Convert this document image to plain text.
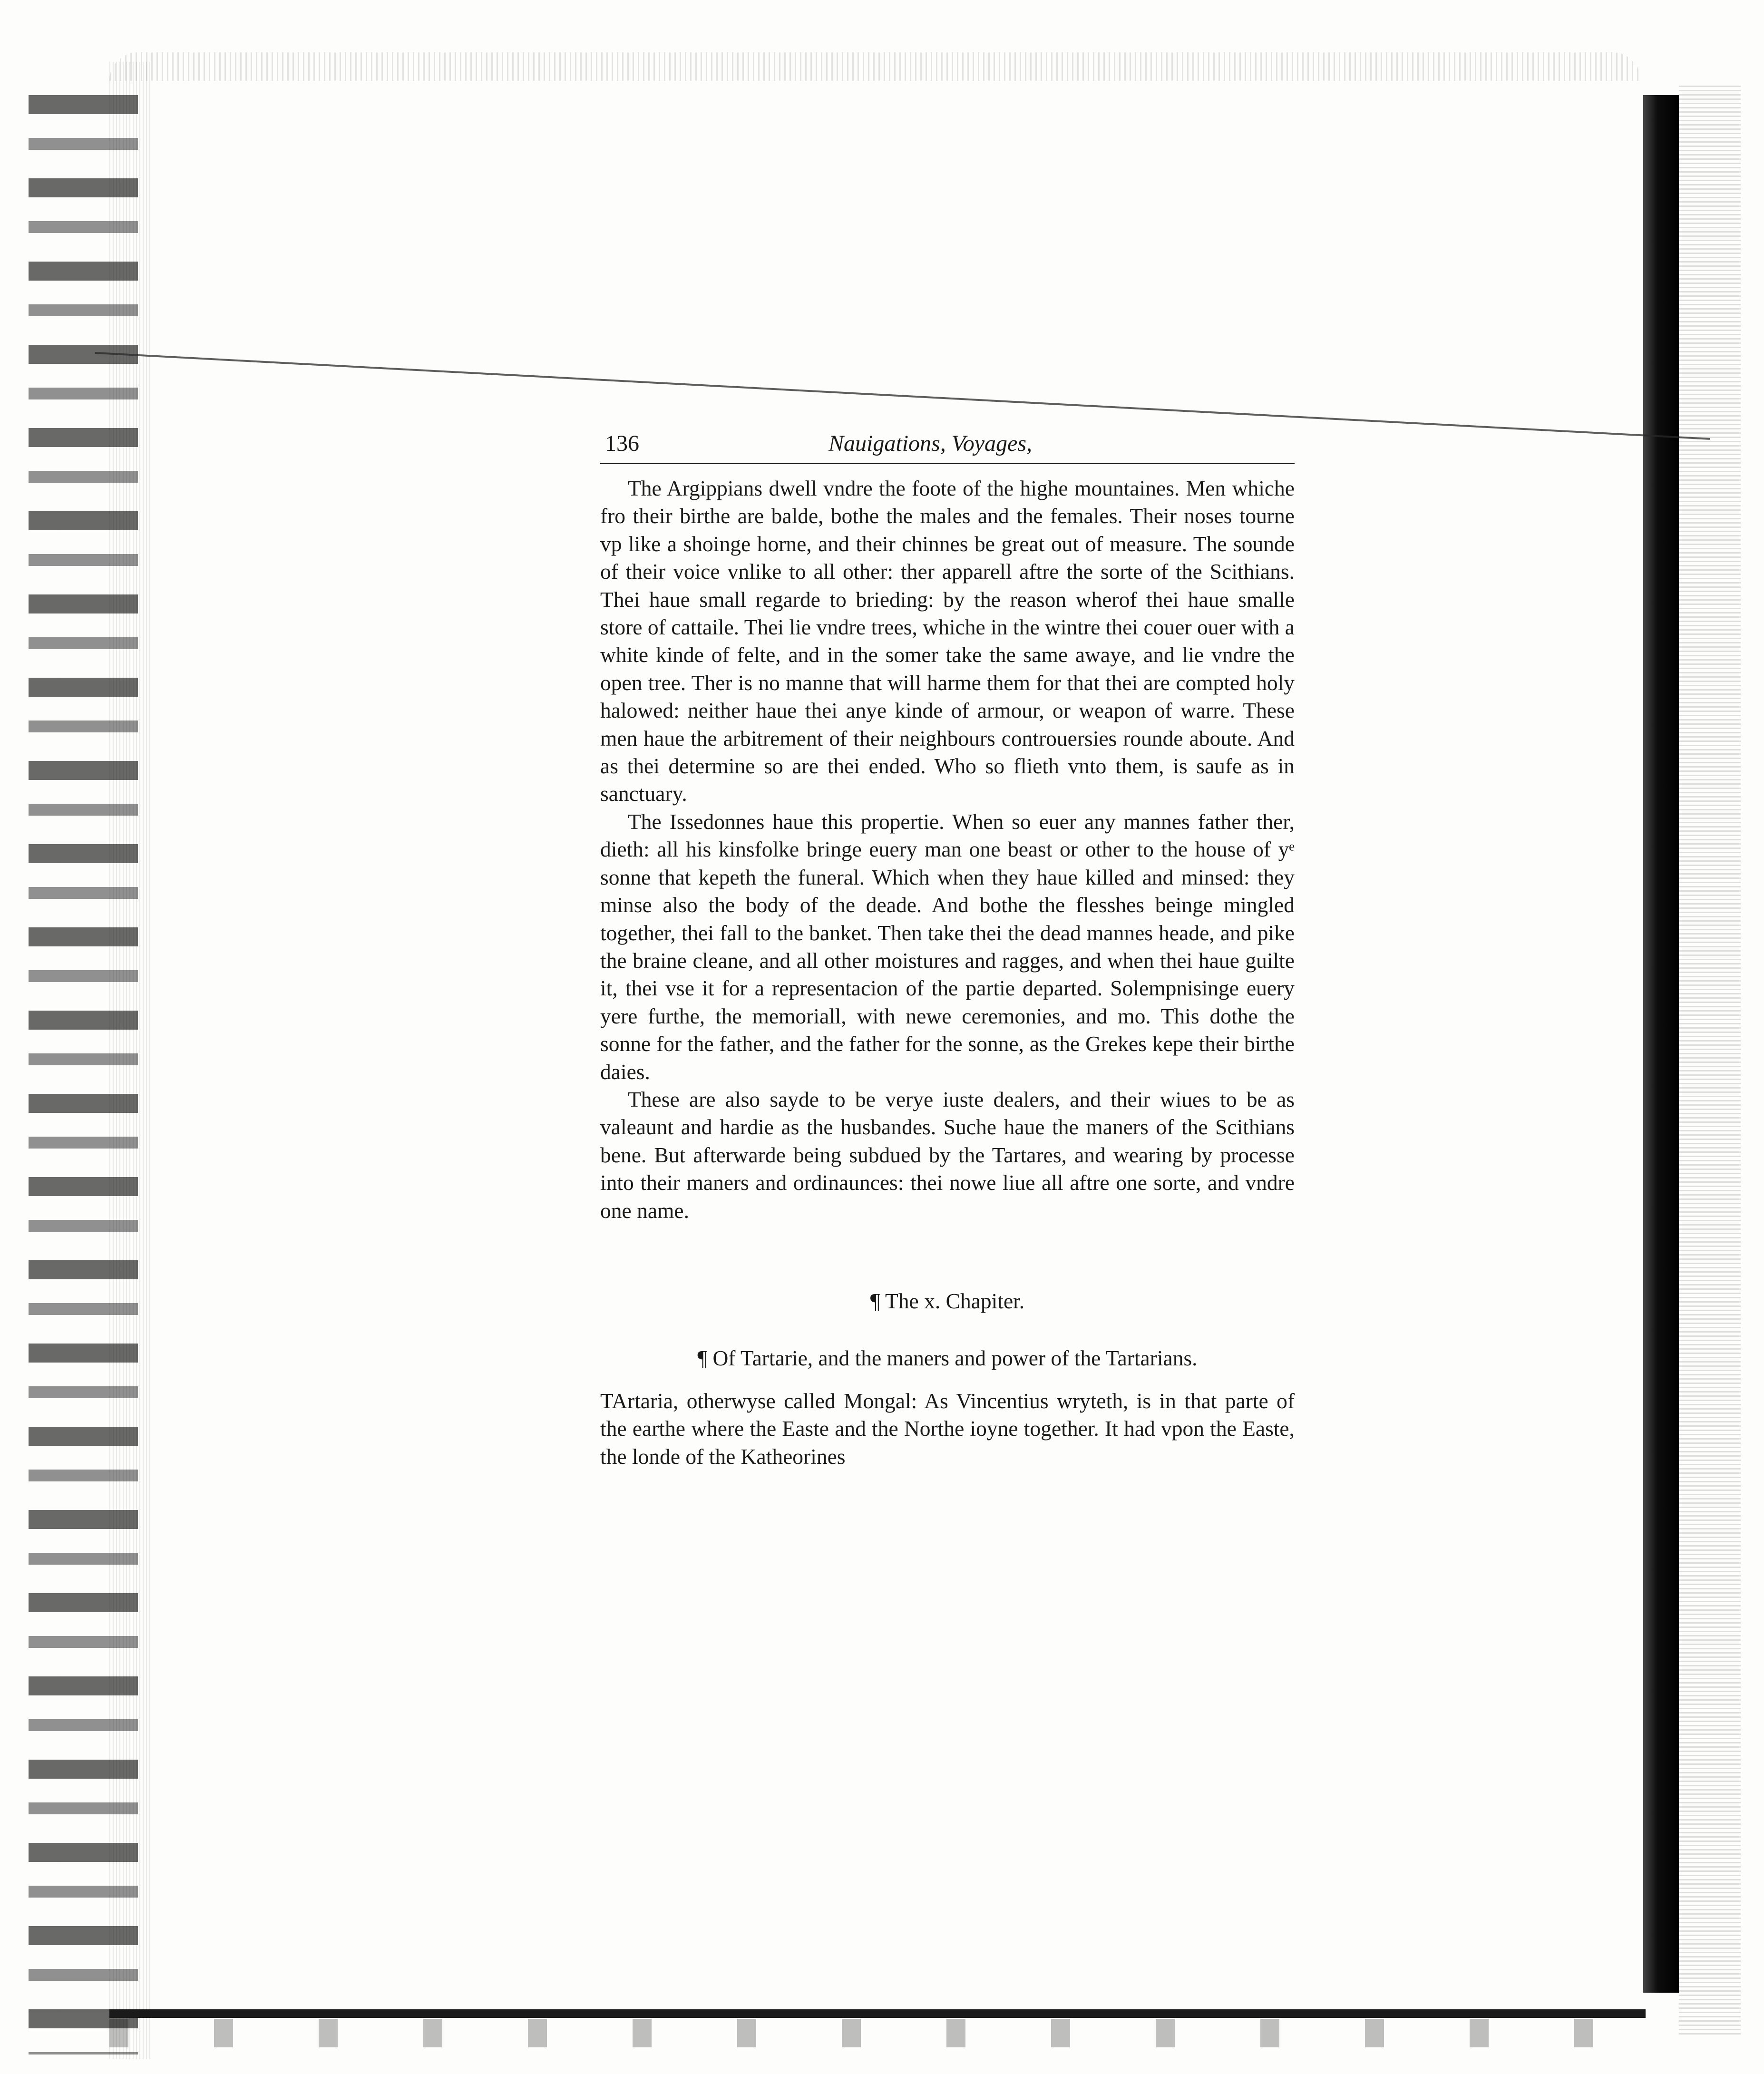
136	Nauigations, Voyages,

The Argippians dwell vndre the foote of the highe mountaines. Men whiche fro their birthe are balde, bothe the males and the females. Their noses tourne vp like a shoinge horne, and their chinnes be great out of measure. The sounde of their voice vnlike to all other: ther apparell aftre the sorte of the Scithians. Thei haue small regarde to brieding: by the reason wherof thei haue smalle store of cattaile. Thei lie vndre trees, whiche in the wintre thei couer ouer with a white kinde of felte, and in the somer take the same awaye, and lie vndre the open tree. Ther is no manne that will harme them for that thei are compted holy halowed: neither haue thei anye kinde of armour, or weapon of warre. These men haue the arbitrement of their neighbours controuersies rounde aboute. And as thei determine so are thei ended. Who so flieth vnto them, is saufe as in sanctuary.

The Issedonnes haue this propertie. When so euer any mannes father ther, dieth: all his kinsfolke bringe euery man one beast or other to the house of yᵉ sonne that kepeth the funeral. Which when they haue killed and minsed: they minse also the body of the deade. And bothe the flesshes beinge mingled together, thei fall to the banket. Then take thei the dead mannes heade, and pike the braine cleane, and all other moistures and ragges, and when thei haue guilte it, thei vse it for a representacion of the partie departed. Solempnisinge euery yere furthe, the memoriall, with newe ceremonies, and mo. This dothe the sonne for the father, and the father for the sonne, as the Grekes kepe their birthe daies.

These are also sayde to be verye iuste dealers, and their wiues to be as valeaunt and hardie as the husbandes. Suche haue the maners of the Scithians bene. But afterwarde being subdued by the Tartares, and wearing by processe into their maners and ordinaunces: thei nowe liue all aftre one sorte, and vndre one name.

¶ The x. Chapiter.
¶ Of Tartarie, and the maners and power of the Tartarians.

TArtaria, otherwyse called Mongal: As Vincentius wryteth, is in that parte of the earthe where the Easte and the Northe ioyne together. It had vpon the Easte, the londe of the Katheorines
